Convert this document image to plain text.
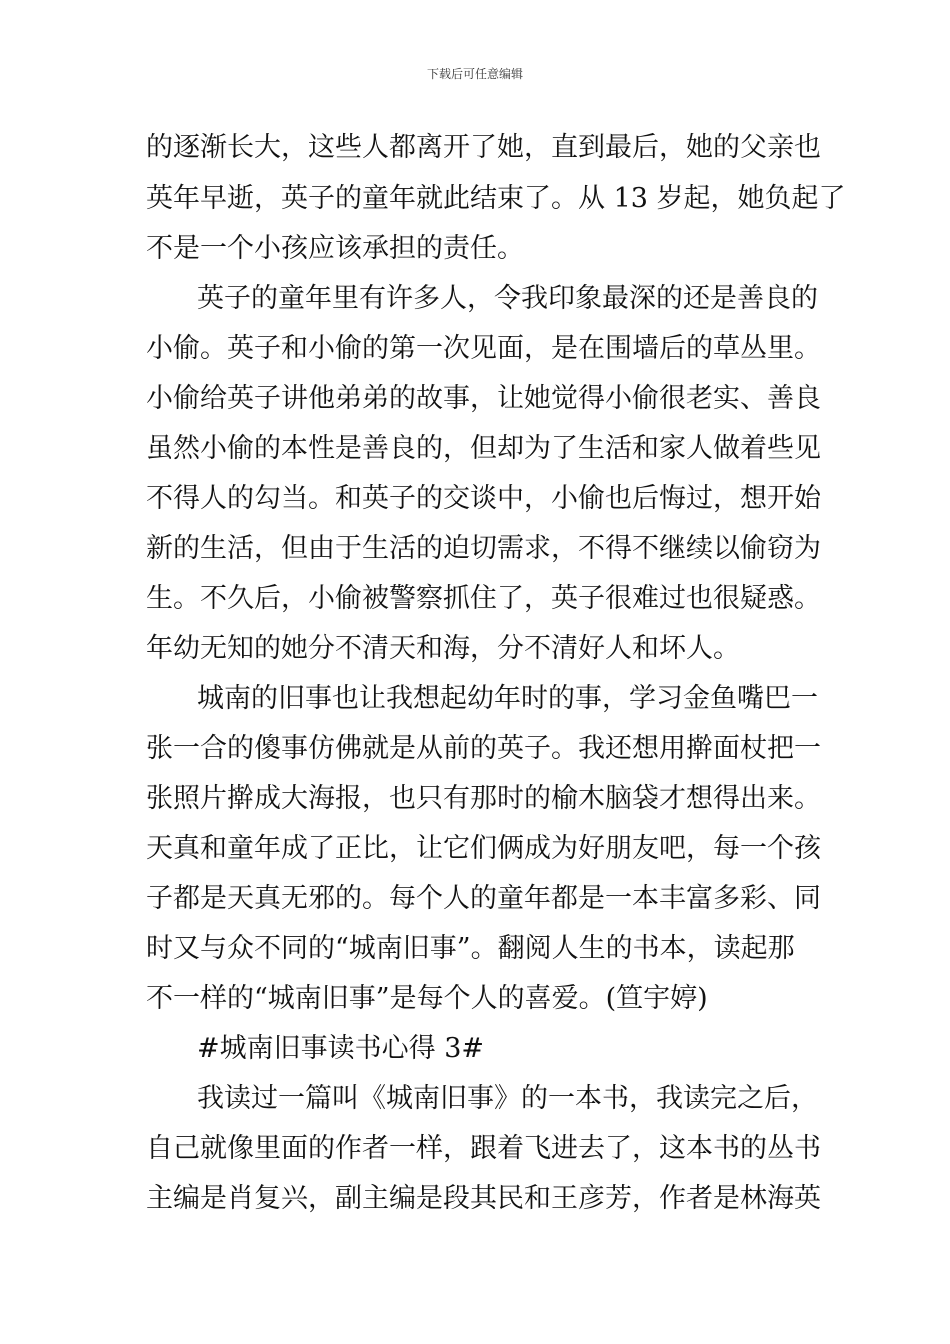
下载后可任意编辑
的逐渐长大，这些人都离开了她，直到最后，她的父亲也
英年早逝，英子的童年就此结束了。从 13 岁起，她负起了
不是一个小孩应该承担的责任。
英子的童年里有许多人，令我印象最深的还是善良的
小偷。英子和小偷的第一次见面，是在围墙后的草丛里。
小偷给英子讲他弟弟的故事，让她觉得小偷很老实、善良
虽然小偷的本性是善良的，但却为了生活和家人做着些见
不得人的勾当。和英子的交谈中，小偷也后悔过，想开始
新的生活，但由于生活的迫切需求，不得不继续以偷窃为
生。不久后，小偷被警察抓住了，英子很难过也很疑惑。
年幼无知的她分不清天和海，分不清好人和坏人。
城南的旧事也让我想起幼年时的事，学习金鱼嘴巴一
张一合的傻事仿佛就是从前的英子。我还想用擀面杖把一
张照片擀成大海报，也只有那时的榆木脑袋才想得出来。
天真和童年成了正比，让它们俩成为好朋友吧，每一个孩
子都是天真无邪的。每个人的童年都是一本丰富多彩、同
时又与众不同的“城南旧事”。翻阅人生的书本，读起那
不一样的“城南旧事”是每个人的喜爱。(笪宇婷)
#城南旧事读书心得 3#
我读过一篇叫《城南旧事》的一本书，我读完之后，
自己就像里面的作者一样，跟着飞进去了，这本书的丛书
主编是肖复兴，副主编是段其民和王彦芳，作者是林海英
